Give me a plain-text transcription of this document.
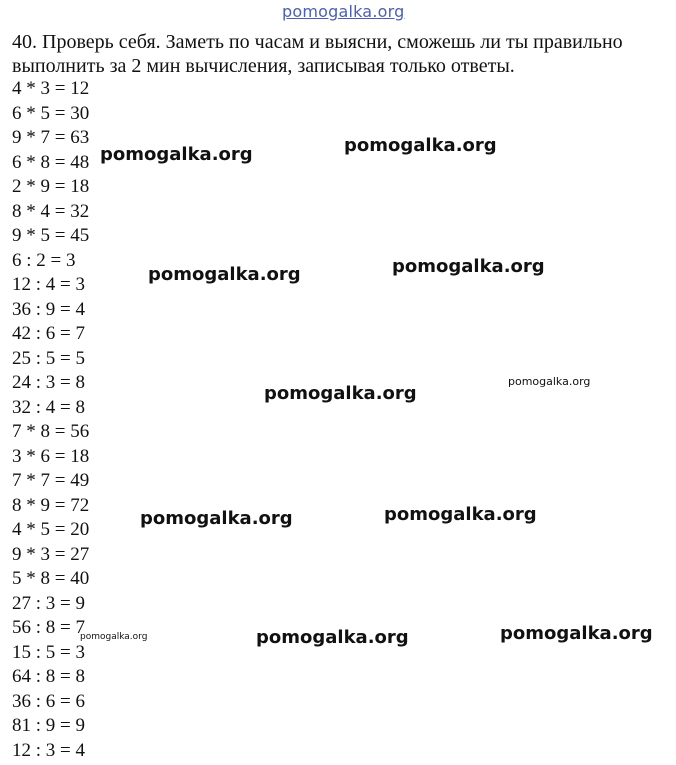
pomogalka.org

40. Проверь себя. Заметь по часам и выясни, сможешь ли ты правильно выполнить за 2 мин вычисления, записывая только ответы.

4 * 3 = 12
6 * 5 = 30
9 * 7 = 63
6 * 8 = 48
2 * 9 = 18
8 * 4 = 32
9 * 5 = 45
6 : 2 = 3
12 : 4 = 3
36 : 9 = 4
42 : 6 = 7
25 : 5 = 5
24 : 3 = 8
32 : 4 = 8
7 * 8 = 56
3 * 6 = 18
7 * 7 = 49
8 * 9 = 72
4 * 5 = 20
9 * 3 = 27
5 * 8 = 40
27 : 3 = 9
56 : 8 = 7
15 : 5 = 3
64 : 8 = 8
36 : 6 = 6
81 : 9 = 9
12 : 3 = 4
pomogalka.org	pomogalka.org
pomogalka.org	pomogalka.org
pomogalka.org
pomogalka.org
pomogalka.org	pomogalka.org
pomogalka.org	pomogalka.org	pomogalka.org
